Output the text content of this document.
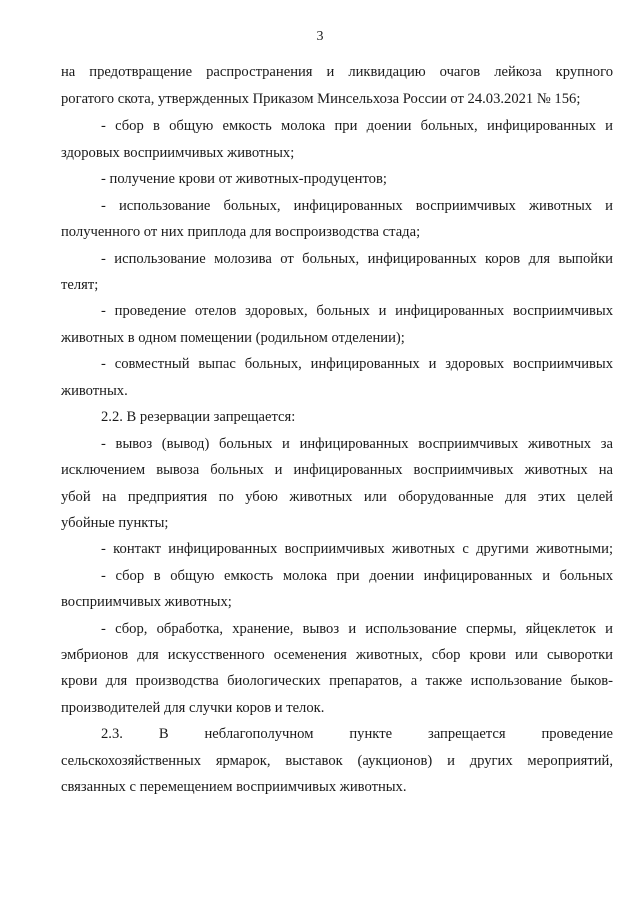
3
на предотвращение распространения и ликвидацию очагов лейкоза крупного
рогатого скота, утвержденных Приказом Минсельхоза России от 24.03.2021 № 156;
- сбор в общую емкость молока при доении больных, инфицированных и
здоровых восприимчивых животных;
- получение крови от животных-продуцентов;
- использование больных, инфицированных восприимчивых животных и
полученного от них приплода для воспроизводства стада;
- использование молозива от больных, инфицированных коров для выпойки
телят;
- проведение отелов здоровых, больных и инфицированных восприимчивых
животных в одном помещении (родильном отделении);
- совместный выпас больных, инфицированных и здоровых восприимчивых
животных.
2.2. В резервации запрещается:
- вывоз (вывод) больных и инфицированных восприимчивых животных за
исключением вывоза больных и инфицированных восприимчивых животных на
убой на предприятия по убою животных или оборудованные для этих целей
убойные пункты;
- контакт инфицированных восприимчивых животных с другими животными;
- сбор в общую емкость молока при доении инфицированных и больных
восприимчивых животных;
- сбор, обработка, хранение, вывоз и использование спермы, яйцеклеток и
эмбрионов для искусственного осеменения животных, сбор крови или сыворотки
крови для производства биологических препаратов, а также использование быков-
производителей для случки коров и телок.
2.3. В неблагополучном пункте запрещается проведение
сельскохозяйственных ярмарок, выставок (аукционов) и других мероприятий,
связанных с перемещением восприимчивых животных.
